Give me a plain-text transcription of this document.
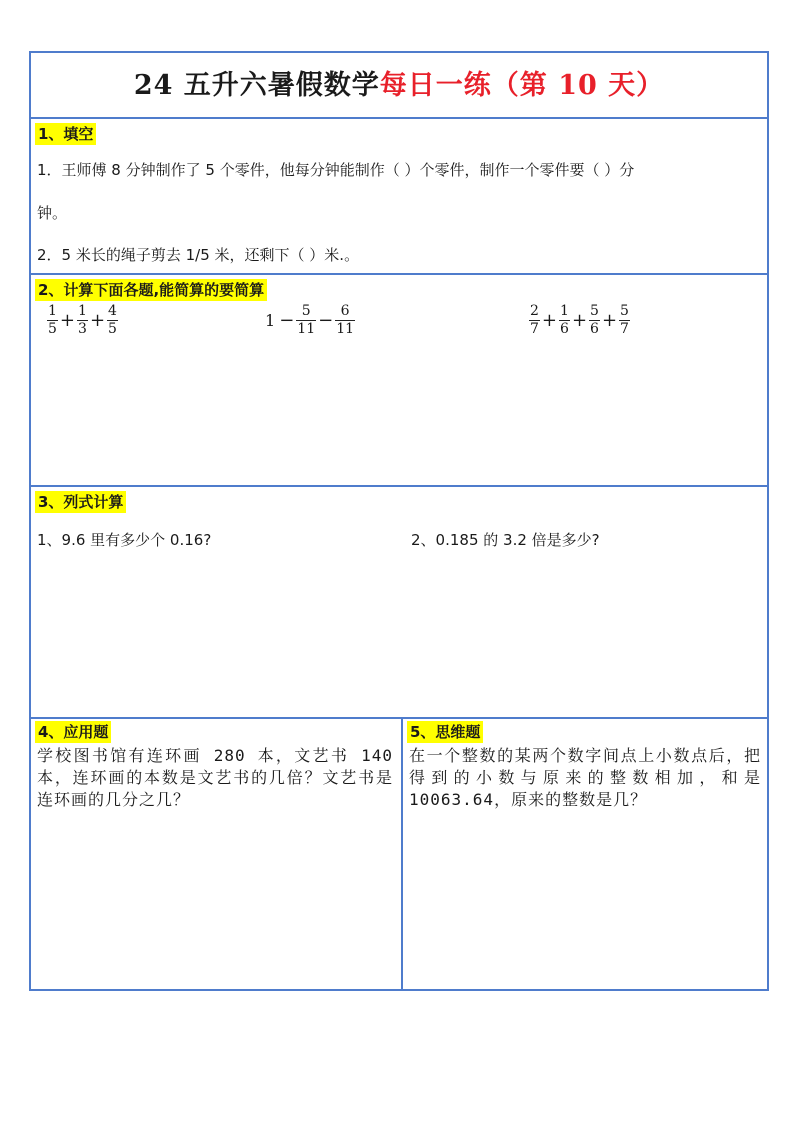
24 五升六暑假数学每日一练（第 10 天）
1、填空
1．王师傅 8 分钟制作了 5 个零件，他每分钟能制作（ ）个零件，制作一个零件要（ ）分
钟。
2．5 米长的绳子剪去 1/5 米，还剩下（ ）米.。
2、计算下面各题,能简算的要简算
$\frac{1}{5} + \frac{1}{3} + \frac{4}{5}$	$1 - \frac{5}{11} - \frac{6}{11}$	$\frac{2}{7} + \frac{1}{6} + \frac{5}{6} + \frac{5}{7}$
3、列式计算
1、9.6 里有多少个 0.16?	2、0.185 的 3.2 倍是多少?
4、应用题
学校图书馆有连环画 280 本，文艺书 140 本，连环画的本数是文艺书的几倍？文艺书是连环画的几分之几？
5、思维题
在一个整数的某两个数字间点上小数点后，把得到的小数与原来的整数相加，和是 10063.64，原来的整数是几？
